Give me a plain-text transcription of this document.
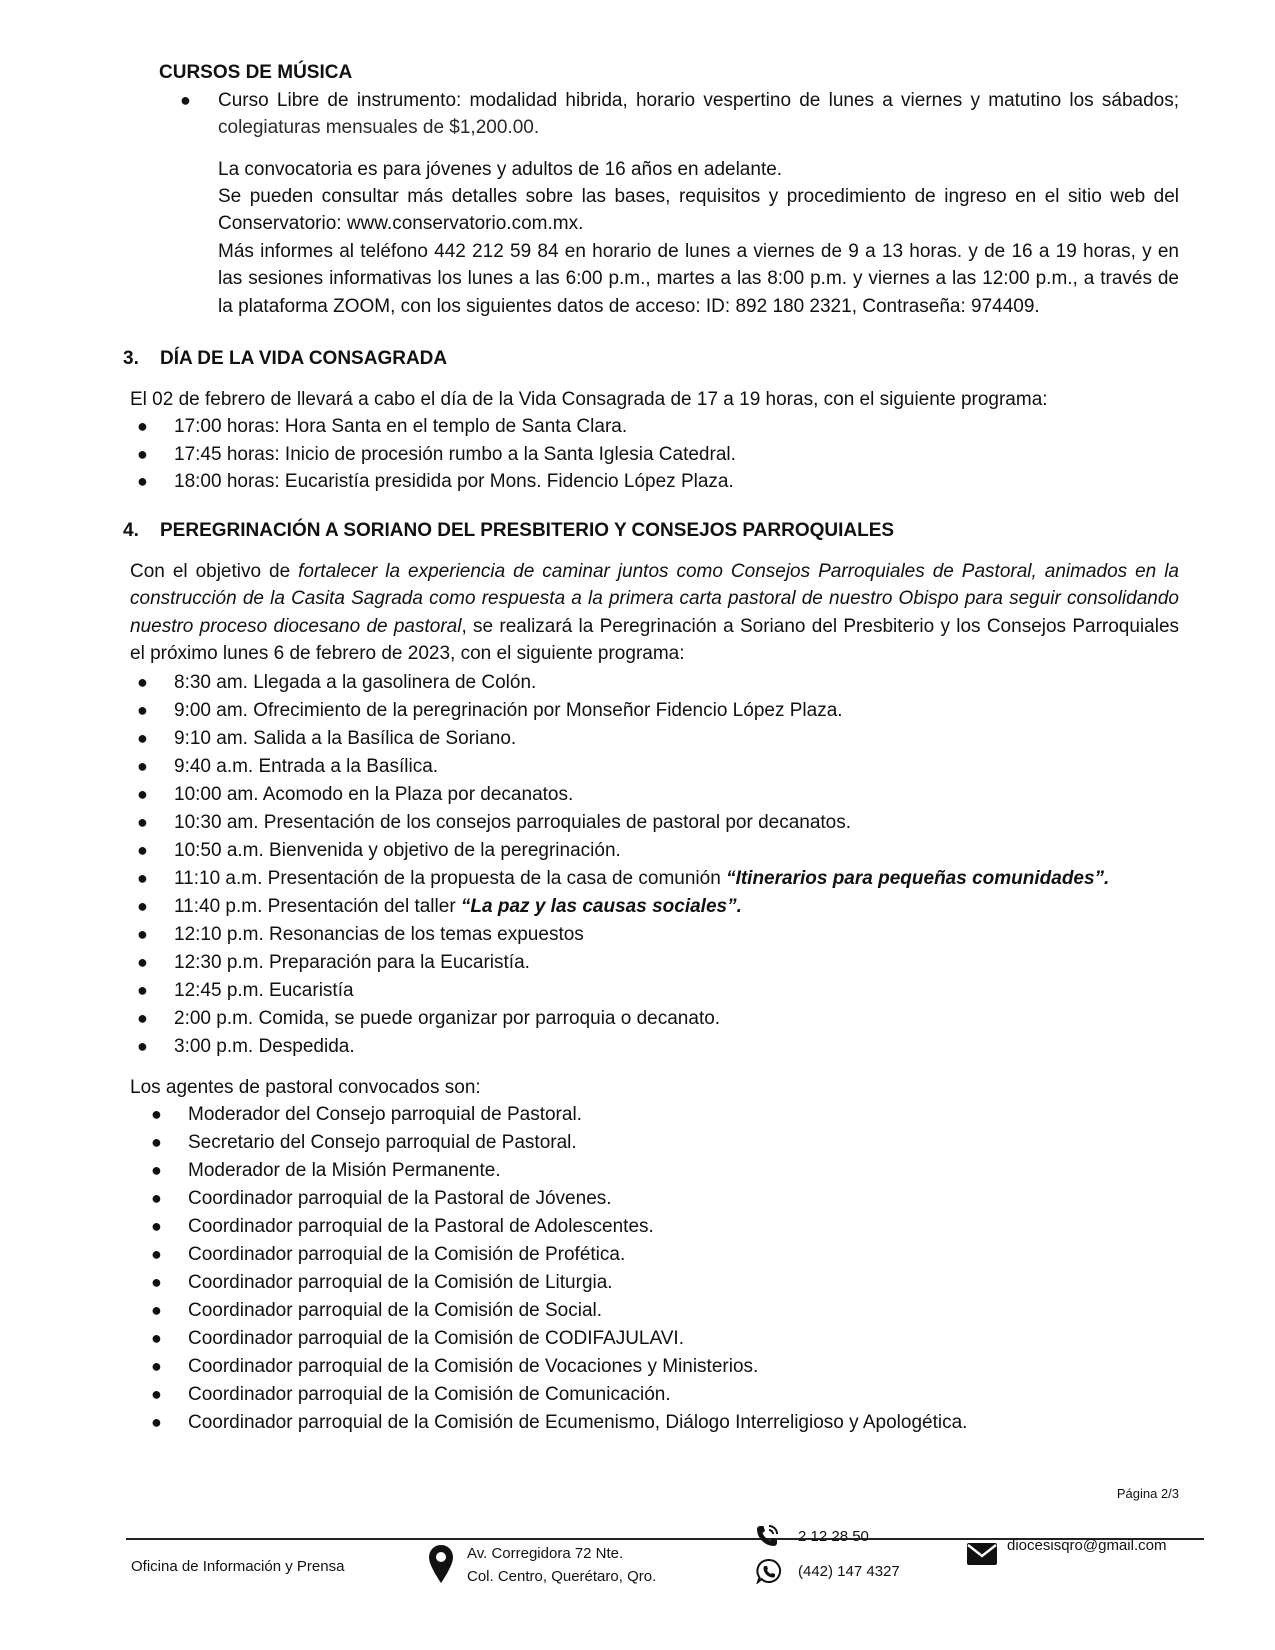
CURSOS DE MÚSICA
● Curso Libre de instrumento: modalidad hibrida, horario vespertino de lunes a viernes y matutino los sábados; colegiaturas mensuales de $1,200.00.
La convocatoria es para jóvenes y adultos de 16 años en adelante.
Se pueden consultar más detalles sobre las bases, requisitos y procedimiento de ingreso en el sitio web del Conservatorio: www.conservatorio.com.mx.
Más informes al teléfono 442 212 59 84 en horario de lunes a viernes de 9 a 13 horas. y de 16 a 19 horas, y en las sesiones informativas los lunes a las 6:00 p.m., martes a las 8:00 p.m. y viernes a las 12:00 p.m., a través de la plataforma ZOOM, con los siguientes datos de acceso: ID: 892 180 2321, Contraseña: 974409.
3. DÍA DE LA VIDA CONSAGRADA
El 02 de febrero de llevará a cabo el día de la Vida Consagrada de 17 a 19 horas, con el siguiente programa:
● 17:00 horas: Hora Santa en el templo de Santa Clara.
● 17:45 horas: Inicio de procesión rumbo a la Santa Iglesia Catedral.
● 18:00 horas: Eucaristía presidida por Mons. Fidencio López Plaza.
4. PEREGRINACIÓN A SORIANO DEL PRESBITERIO Y CONSEJOS PARROQUIALES
Con el objetivo de fortalecer la experiencia de caminar juntos como Consejos Parroquiales de Pastoral, animados en la construcción de la Casita Sagrada como respuesta a la primera carta pastoral de nuestro Obispo para seguir consolidando nuestro proceso diocesano de pastoral, se realizará la Peregrinación a Soriano del Presbiterio y los Consejos Parroquiales el próximo lunes 6 de febrero de 2023, con el siguiente programa:
● 8:30 am. Llegada a la gasolinera de Colón.
● 9:00 am. Ofrecimiento de la peregrinación por Monseñor Fidencio López Plaza.
● 9:10 am. Salida a la Basílica de Soriano.
● 9:40 a.m. Entrada a la Basílica.
● 10:00 am. Acomodo en la Plaza por decanatos.
● 10:30 am. Presentación de los consejos parroquiales de pastoral por decanatos.
● 10:50 a.m. Bienvenida y objetivo de la peregrinación.
● 11:10 a.m. Presentación de la propuesta de la casa de comunión “Itinerarios para pequeñas comunidades”.
● 11:40 p.m. Presentación del taller “La paz y las causas sociales”.
● 12:10 p.m. Resonancias de los temas expuestos
● 12:30 p.m. Preparación para la Eucaristía.
● 12:45 p.m. Eucaristía
● 2:00 p.m. Comida, se puede organizar por parroquia o decanato.
● 3:00 p.m. Despedida.
Los agentes de pastoral convocados son:
● Moderador del Consejo parroquial de Pastoral.
● Secretario del Consejo parroquial de Pastoral.
● Moderador de la Misión Permanente.
● Coordinador parroquial de la Pastoral de Jóvenes.
● Coordinador parroquial de la Pastoral de Adolescentes.
● Coordinador parroquial de la Comisión de Profética.
● Coordinador parroquial de la Comisión de Liturgia.
● Coordinador parroquial de la Comisión de Social.
● Coordinador parroquial de la Comisión de CODIFAJULAVI.
● Coordinador parroquial de la Comisión de Vocaciones y Ministerios.
● Coordinador parroquial de la Comisión de Comunicación.
● Coordinador parroquial de la Comisión de Ecumenismo, Diálogo Interreligioso y Apologética.
Página 2/3
Oficina de Información y Prensa
Av. Corregidora 72 Nte.
Col. Centro, Querétaro, Qro.
2 12 28 50
(442) 147 4327
diocesisqro@gmail.com
